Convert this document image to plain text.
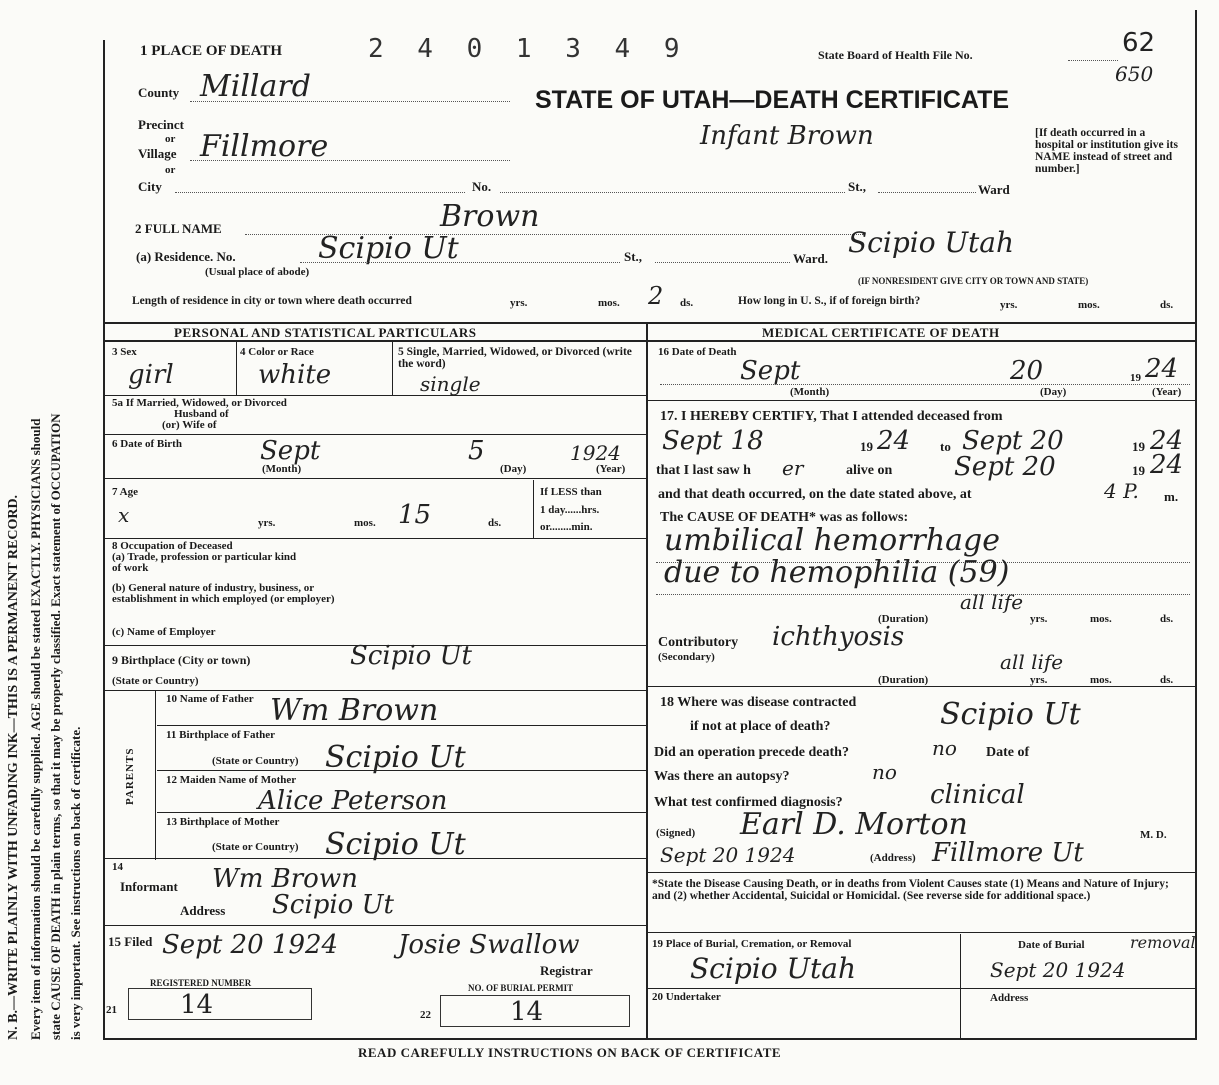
N. B.—WRITE PLAINLY WITH UNFADING INK—THIS IS A PERMANENT RECORD. Every item of information should be carefully supplied. AGE should be stated EXACTLY. PHYSICIANS should state CAUSE OF DEATH in plain terms, so that it may be properly classified. Exact statement of OCCUPATION is very important. See instructions on back of certificate.
1 PLACE OF DEATH	2 4 0 1 3 4 9	State Board of Health File No.	62
650
STATE OF UTAH—DEATH CERTIFICATE
Infant Brown	[If death occurred in a hospital or institution give its NAME instead of street and number.]
County Millard
Precinct
or
Village Fillmore
or
City	No.	St.,	Ward
2 FULL NAME	Brown
(a) Residence. No.
(Usual place of abode)
Scipio Ut	St.,	Ward. Scipio Utah
(IF NONRESIDENT GIVE CITY OR TOWN AND STATE)
Length of residence in city or town where death occurred	yrs.	mos. 2 ds.	How long in U. S., if of foreign birth?	yrs.	mos.	ds.
PERSONAL AND STATISTICAL PARTICULARS
3 Sex
girl
4 Color or Race
white
5 Single, Married, Widowed, or Divorced (write the word)
single
5a If Married, Widowed, or Divorced
Husband of
(or) Wife of
6 Date of Birth	Sept	5	1924
(Month)	(Day)	(Year)
7 Age
x	yrs.	mos. 15	ds.
If LESS than
1 day......hrs.
or........min.
8 Occupation of Deceased
(a) Trade, profession or particular kind of work
(b) General nature of industry, business, or establishment in which employed (or employer)
(c) Name of Employer
9 Birthplace (City or town)	Scipio Ut
(State or Country)
PARENTS
10 Name of Father Wm Brown
11 Birthplace of Father
(State or Country) Scipio Ut
12 Maiden Name of Mother
Alice Peterson
13 Birthplace of Mother
(State or Country) Scipio Ut
14
Informant Wm Brown
Address Scipio Ut
15 Filed Sept 20 1924 Josie Swallow
Registrar
REGISTERED NUMBER	NO. OF BURIAL PERMIT
21 14	22	14
MEDICAL CERTIFICATE OF DEATH
16 Date of Death
Sept	20	19 24
(Month)	(Day)	(Year)
17. I HEREBY CERTIFY, That I attended deceased from
Sept 18	19 24 to Sept 20	19 24
that I last saw h er	alive on Sept 20	19 24
and that death occurred, on the date stated above, at	4 P. m.
The CAUSE OF DEATH* was as follows:
umbilical hemorrhage
due to hemophilia (59)
all life
(Duration)	yrs.	mos.	ds.
Contributory
(Secondary)
ichthyosis
all life
(Duration)	yrs.	mos.	ds.
18 Where was disease contracted
if not at place of death?	Scipio Ut
Did an operation precede death?	no Date of
Was there an autopsy?	no
What test confirmed diagnosis?	clinical
(Signed) Earl D. Morton	M. D.
Sept 20 1924	(Address) Fillmore Ut
*State the Disease Causing Death, or in deaths from Violent Causes state (1) Means and Nature of Injury; and (2) whether Accidental, Suicidal or Homicidal. (See reverse side for additional space.)
19 Place of Burial, Cremation, or Removal
Scipio Utah
Date of Burial	removal
Sept 20 1924
20 Undertaker	Address
READ CAREFULLY INSTRUCTIONS ON BACK OF CERTIFICATE
